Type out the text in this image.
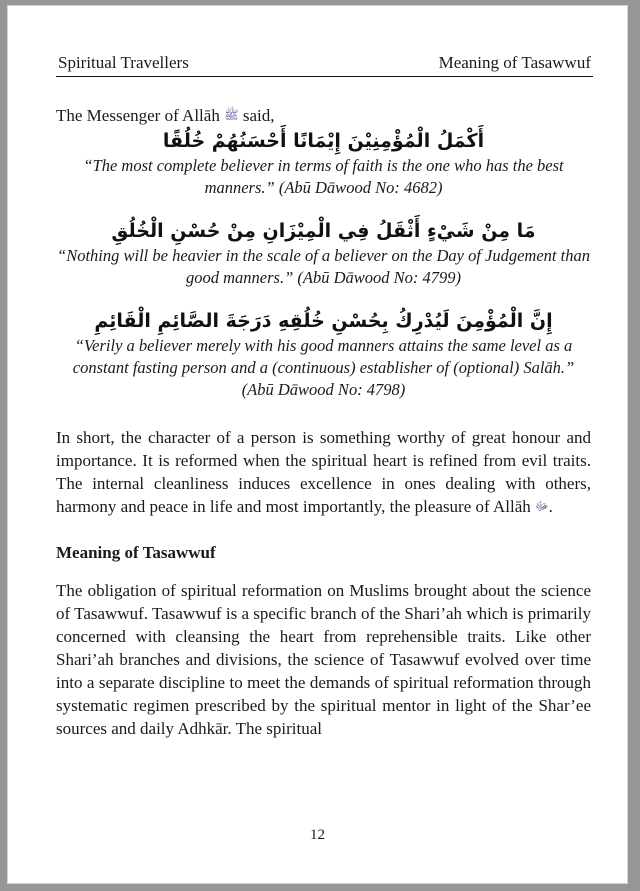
Spiritual Travellers	Meaning of Tasawwuf

The Messenger of Allāh ﷺ said,

أَكْمَلُ الْمُؤْمِنِيْنَ إِيْمَانًا أَحْسَنُهُمْ خُلُقًا

“The most complete believer in terms of faith is the one who has the best manners.” (Abū Dāwood No: 4682)

مَا مِنْ شَيْءٍ أَثْقَلُ فِي الْمِيْزَانِ مِنْ حُسْنِ الْخُلُقِ

“Nothing will be heavier in the scale of a believer on the Day of Judgement than good manners.” (Abū Dāwood No: 4799)

إِنَّ الْمُؤْمِنَ لَيُدْرِكُ بِحُسْنِ خُلُقِهِ دَرَجَةَ الصَّائِمِ الْقَائِمِ

“Verily a believer merely with his good manners attains the same level as a constant fasting person and a (continuous) establisher of (optional) Salāh.” (Abū Dāwood No: 4798)

In short, the character of a person is something worthy of great honour and importance. It is reformed when the spiritual heart is refined from evil traits. The internal cleanliness induces excellence in ones dealing with others, harmony and peace in life and most importantly, the pleasure of Allāh ﷻ.

Meaning of Tasawwuf

The obligation of spiritual reformation on Muslims brought about the science of Tasawwuf. Tasawwuf is a specific branch of the Shari’ah which is primarily concerned with cleansing the heart from reprehensible traits. Like other Shari’ah branches and divisions, the science of Tasawwuf evolved over time into a separate discipline to meet the demands of spiritual reformation through systematic regimen prescribed by the spiritual mentor in light of the Shar’ee sources and daily Adhkār. The spiritual

12
